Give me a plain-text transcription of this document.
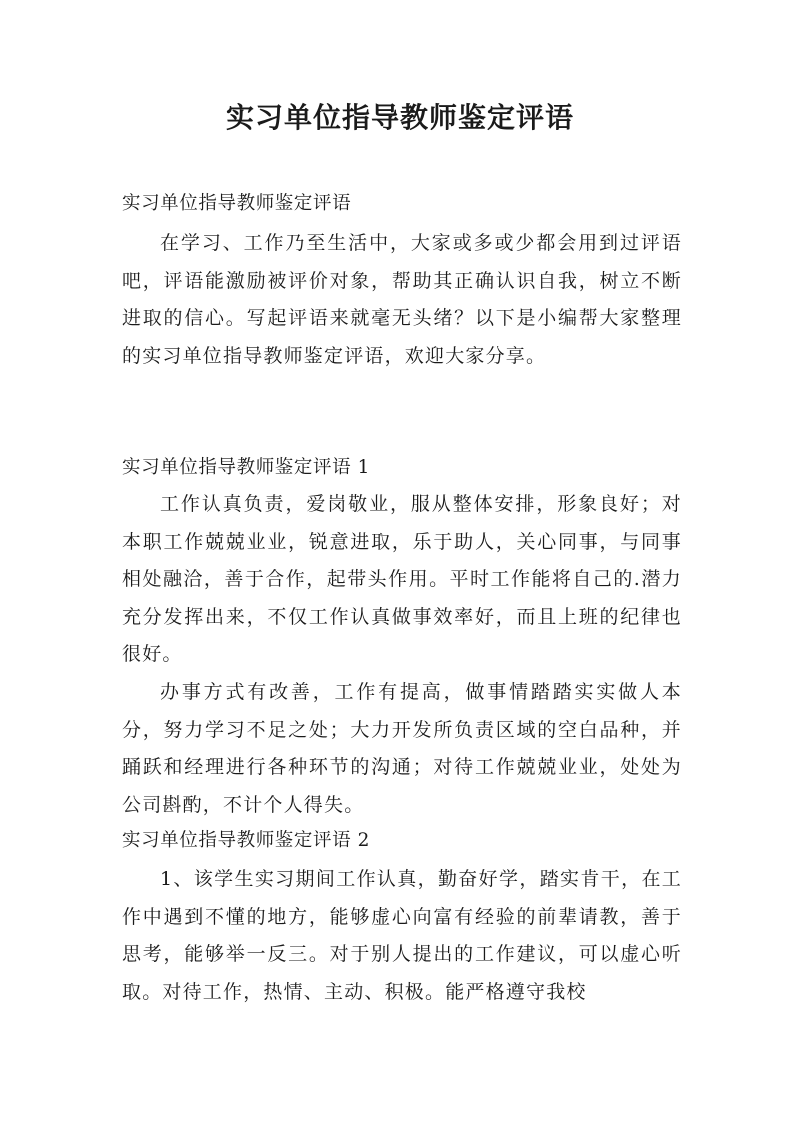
实习单位指导教师鉴定评语
实习单位指导教师鉴定评语
在学习、工作乃至生活中，大家或多或少都会用到过评语吧，评语能激励被评价对象，帮助其正确认识自我，树立不断进取的信心。写起评语来就毫无头绪？以下是小编帮大家整理的实习单位指导教师鉴定评语，欢迎大家分享。
实习单位指导教师鉴定评语 1
工作认真负责，爱岗敬业，服从整体安排，形象良好；对本职工作兢兢业业，锐意进取，乐于助人，关心同事，与同事相处融洽，善于合作，起带头作用。平时工作能将自己的.潜力充分发挥出来，不仅工作认真做事效率好，而且上班的纪律也很好。
办事方式有改善，工作有提高，做事情踏踏实实做人本分，努力学习不足之处；大力开发所负责区域的空白品种，并踊跃和经理进行各种环节的沟通；对待工作兢兢业业，处处为公司斟酌，不计个人得失。
实习单位指导教师鉴定评语 2
1、该学生实习期间工作认真，勤奋好学，踏实肯干，在工作中遇到不懂的地方，能够虚心向富有经验的前辈请教，善于思考，能够举一反三。对于别人提出的工作建议，可以虚心听取。对待工作，热情、主动、积极。能严格遵守我校
